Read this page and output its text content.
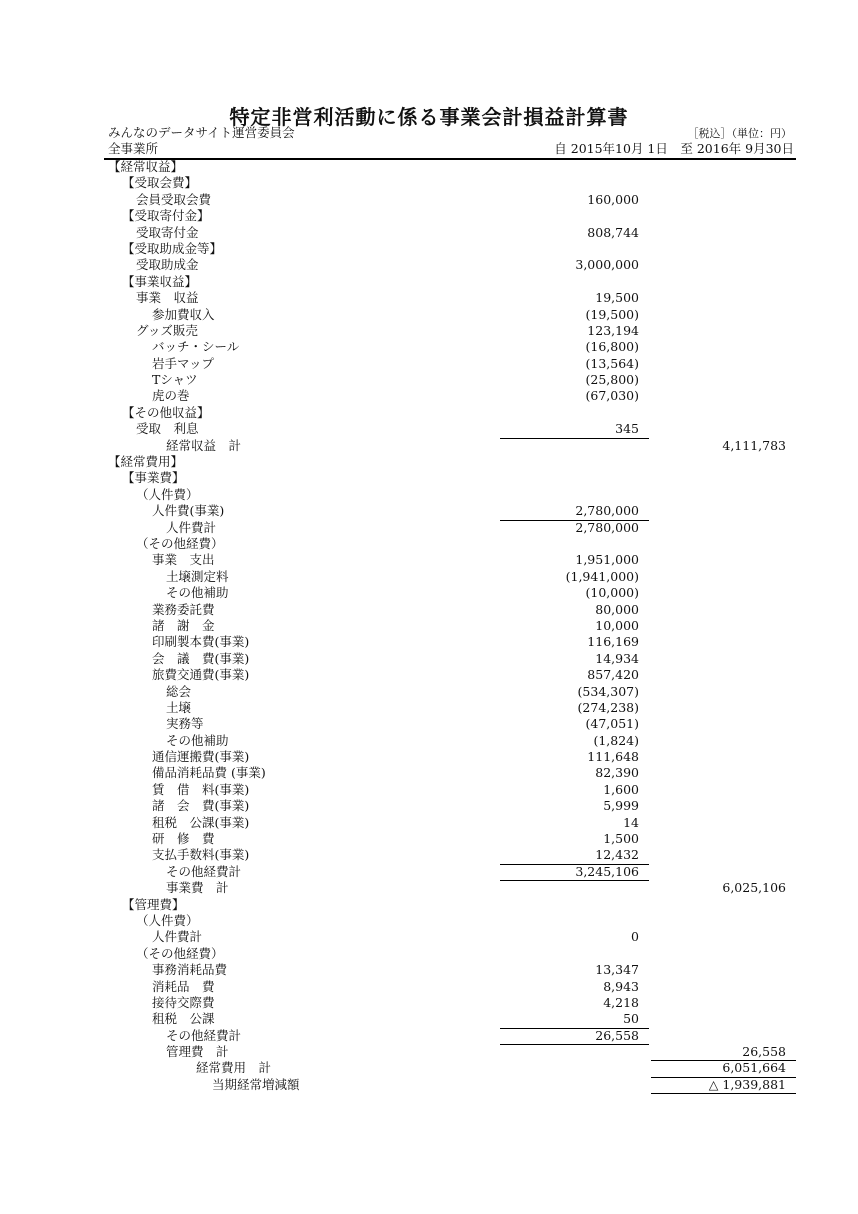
特定非営利活動に係る事業会計損益計算書
みんなのデータサイト運営委員会	［税込］（単位：円）
全事業所	自 2015年10月 1日　至 2016年 9月30日
【経常収益】
【受取会費】
会員受取会費	160,000
【受取寄付金】
受取寄付金	808,744
【受取助成金等】
受取助成金	3,000,000
【事業収益】
事業　収益	19,500
参加費収入	(19,500)
グッズ販売	123,194
バッチ・シール	(16,800)
岩手マップ	(13,564)
Tシャツ	(25,800)
虎の巻	(67,030)
【その他収益】
受取　利息	345
経常収益　計	4,111,783
【経常費用】
【事業費】
（人件費）
人件費(事業)	2,780,000
人件費計	2,780,000
（その他経費）
事業　支出	1,951,000
土壌測定料	(1,941,000)
その他補助	(10,000)
業務委託費	80,000
諸　謝　金	10,000
印刷製本費(事業)	116,169
会　議　費(事業)	14,934
旅費交通費(事業)	857,420
総会	(534,307)
土壌	(274,238)
実務等	(47,051)
その他補助	(1,824)
通信運搬費(事業)	111,648
備品消耗品費 (事業)	82,390
賃　借　料(事業)	1,600
諸　会　費(事業)	5,999
租税　公課(事業)	14
研　修　費	1,500
支払手数料(事業)	12,432
その他経費計	3,245,106
事業費　計	6,025,106
【管理費】
（人件費）
人件費計	0
（その他経費）
事務消耗品費	13,347
消耗品　費	8,943
接待交際費	4,218
租税　公課	50
その他経費計	26,558
管理費　計	26,558
経常費用　計	6,051,664
当期経常増減額	△ 1,939,881
